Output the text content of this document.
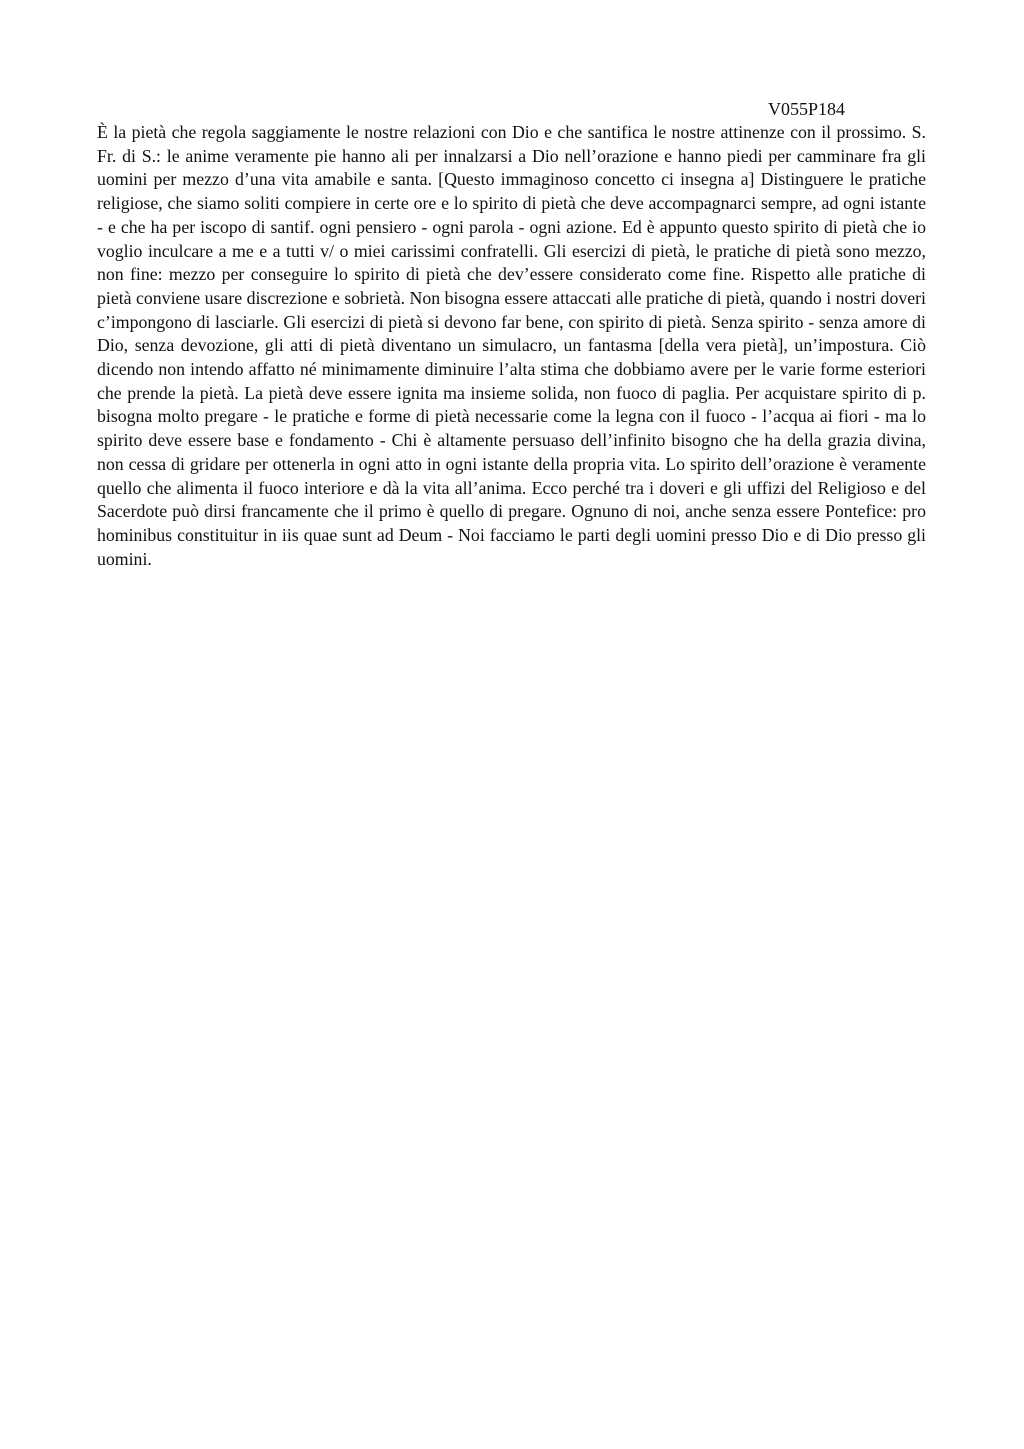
V055P184

È la pietà che regola saggiamente le nostre relazioni con Dio e che santifica le nostre attinenze con il prossimo. S. Fr. di S.: le anime veramente pie hanno ali per innalzarsi a Dio nell’orazione e hanno piedi per camminare fra gli uomini per mezzo d’una vita amabile e santa. [Questo immaginoso concetto ci insegna a] Distinguere le pratiche religiose, che siamo soliti compiere in certe ore e lo spirito di pietà che deve accompagnarci sempre, ad ogni istante - e che ha per iscopo di santif. ogni pensiero - ogni parola - ogni azione. Ed è appunto questo spirito di pietà che io voglio inculcare a me e a tutti v/ o miei carissimi confratelli. Gli esercizi di pietà, le pratiche di pietà sono mezzo, non fine: mezzo per conseguire lo spirito di pietà che dev’essere considerato come fine. Rispetto alle pratiche di pietà conviene usare discrezione e sobrietà. Non bisogna essere attaccati alle pratiche di pietà, quando i nostri doveri c’impongono di lasciarle. Gli esercizi di pietà si devono far bene, con spirito di pietà. Senza spirito - senza amore di Dio, senza devozione, gli atti di pietà diventano un simulacro, un fantasma [della vera pietà], un’impostura. Ciò dicendo non intendo affatto né minimamente diminuire l’alta stima che dobbiamo avere per le varie forme esteriori che prende la pietà. La pietà deve essere ignita ma insieme solida, non fuoco di paglia. Per acquistare spirito di p. bisogna molto pregare - le pratiche e forme di pietà necessarie come la legna con il fuoco - l’acqua ai fiori - ma lo spirito deve essere base e fondamento - Chi è altamente persuaso dell’infinito bisogno che ha della grazia divina, non cessa di gridare per ottenerla in ogni atto in ogni istante della propria vita. Lo spirito dell’orazione è veramente quello che alimenta il fuoco interiore e dà la vita all’anima. Ecco perché tra i doveri e gli uffizi del Religioso e del Sacerdote può dirsi francamente che il primo è quello di pregare. Ognuno di noi, anche senza essere Pontefice: pro hominibus constituitur in iis quae sunt ad Deum - Noi facciamo le parti degli uomini presso Dio e di Dio presso gli uomini.
